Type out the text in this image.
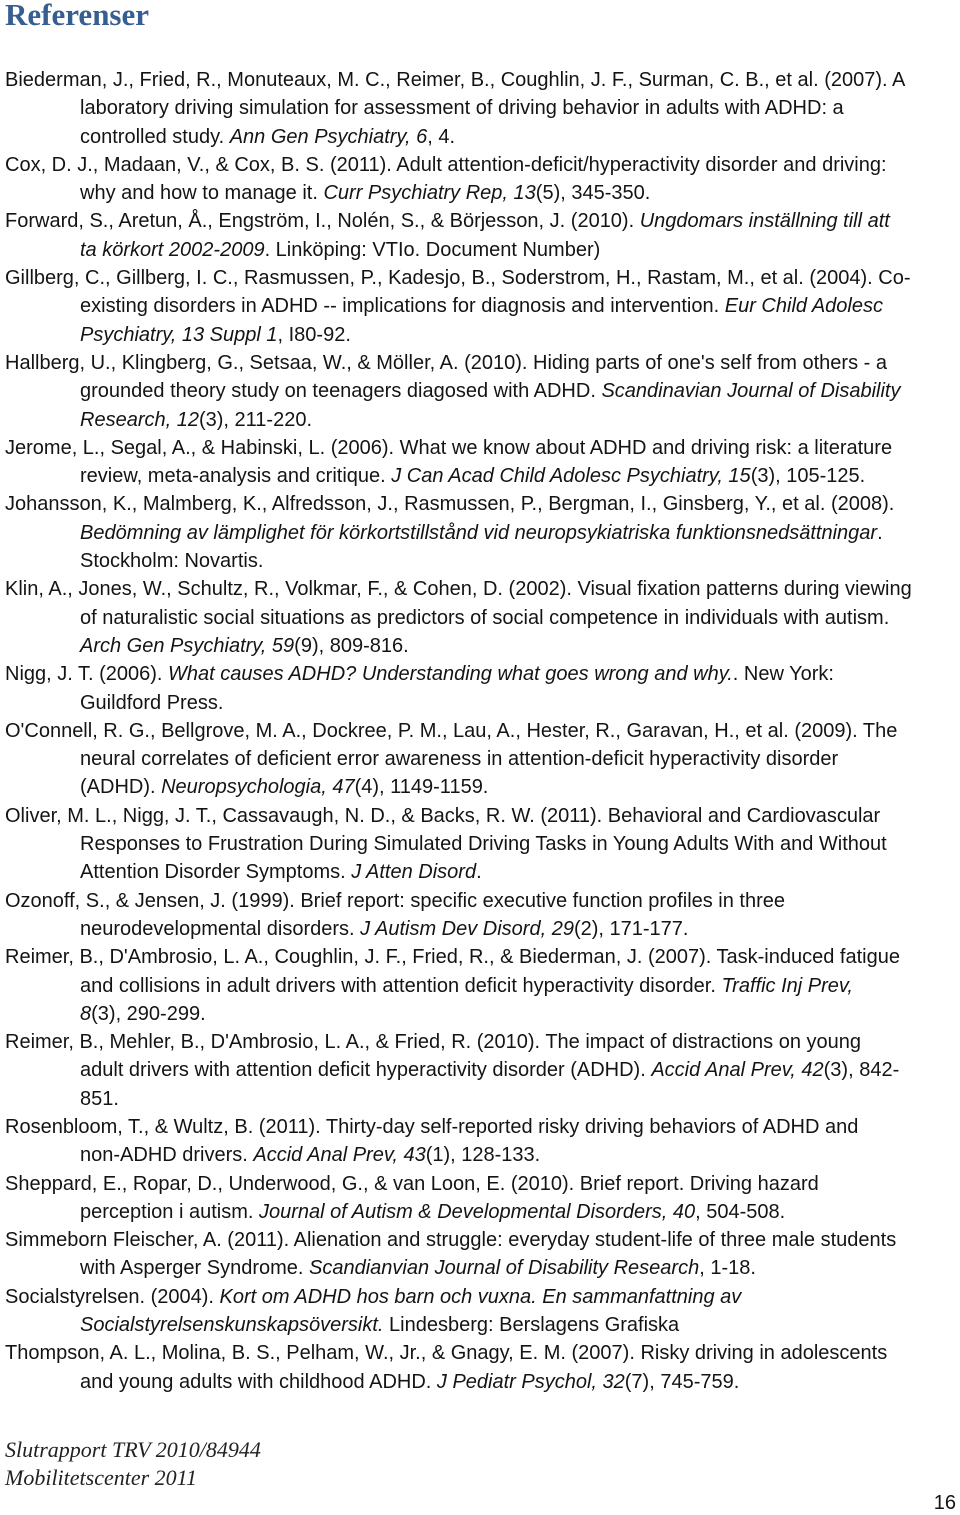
Referenser
Biederman, J., Fried, R., Monuteaux, M. C., Reimer, B., Coughlin, J. F., Surman, C. B., et al. (2007). A
laboratory driving simulation for assessment of driving behavior in adults with ADHD: a
controlled study. Ann Gen Psychiatry, 6, 4.
Cox, D. J., Madaan, V., & Cox, B. S. (2011). Adult attention-deficit/hyperactivity disorder and driving:
why and how to manage it. Curr Psychiatry Rep, 13(5), 345-350.
Forward, S., Aretun, Å., Engström, I., Nolén, S., & Börjesson, J. (2010). Ungdomars inställning till att
ta körkort 2002-2009. Linköping: VTIo. Document Number)
Gillberg, C., Gillberg, I. C., Rasmussen, P., Kadesjo, B., Soderstrom, H., Rastam, M., et al. (2004). Co-
existing disorders in ADHD -- implications for diagnosis and intervention. Eur Child Adolesc
Psychiatry, 13 Suppl 1, I80-92.
Hallberg, U., Klingberg, G., Setsaa, W., & Möller, A. (2010). Hiding parts of one's self from others - a
grounded theory study on teenagers diagosed with ADHD. Scandinavian Journal of Disability
Research, 12(3), 211-220.
Jerome, L., Segal, A., & Habinski, L. (2006). What we know about ADHD and driving risk: a literature
review, meta-analysis and critique. J Can Acad Child Adolesc Psychiatry, 15(3), 105-125.
Johansson, K., Malmberg, K., Alfredsson, J., Rasmussen, P., Bergman, I., Ginsberg, Y., et al. (2008).
Bedömning av lämplighet för körkortstillstånd vid neuropsykiatriska funktionsnedsättningar.
Stockholm: Novartis.
Klin, A., Jones, W., Schultz, R., Volkmar, F., & Cohen, D. (2002). Visual fixation patterns during viewing
of naturalistic social situations as predictors of social competence in individuals with autism.
Arch Gen Psychiatry, 59(9), 809-816.
Nigg, J. T. (2006). What causes ADHD? Understanding what goes wrong and why.. New York:
Guildford Press.
O'Connell, R. G., Bellgrove, M. A., Dockree, P. M., Lau, A., Hester, R., Garavan, H., et al. (2009). The
neural correlates of deficient error awareness in attention-deficit hyperactivity disorder
(ADHD). Neuropsychologia, 47(4), 1149-1159.
Oliver, M. L., Nigg, J. T., Cassavaugh, N. D., & Backs, R. W. (2011). Behavioral and Cardiovascular
Responses to Frustration During Simulated Driving Tasks in Young Adults With and Without
Attention Disorder Symptoms. J Atten Disord.
Ozonoff, S., & Jensen, J. (1999). Brief report: specific executive function profiles in three
neurodevelopmental disorders. J Autism Dev Disord, 29(2), 171-177.
Reimer, B., D'Ambrosio, L. A., Coughlin, J. F., Fried, R., & Biederman, J. (2007). Task-induced fatigue
and collisions in adult drivers with attention deficit hyperactivity disorder. Traffic Inj Prev,
8(3), 290-299.
Reimer, B., Mehler, B., D'Ambrosio, L. A., & Fried, R. (2010). The impact of distractions on young
adult drivers with attention deficit hyperactivity disorder (ADHD). Accid Anal Prev, 42(3), 842-
851.
Rosenbloom, T., & Wultz, B. (2011). Thirty-day self-reported risky driving behaviors of ADHD and
non-ADHD drivers. Accid Anal Prev, 43(1), 128-133.
Sheppard, E., Ropar, D., Underwood, G., & van Loon, E. (2010). Brief report. Driving hazard
perception i autism. Journal of Autism & Developmental Disorders, 40, 504-508.
Simmeborn Fleischer, A. (2011). Alienation and struggle: everyday student-life of three male students
with Asperger Syndrome. Scandianvian Journal of Disability Research, 1-18.
Socialstyrelsen. (2004). Kort om ADHD hos barn och vuxna. En sammanfattning av
Socialstyrelsenskunskapsöversikt. Lindesberg: Berslagens Grafiska
Thompson, A. L., Molina, B. S., Pelham, W., Jr., & Gnagy, E. M. (2007). Risky driving in adolescents
and young adults with childhood ADHD. J Pediatr Psychol, 32(7), 745-759.
Slutrapport TRV 2010/84944
Mobilitetscenter 2011
16
